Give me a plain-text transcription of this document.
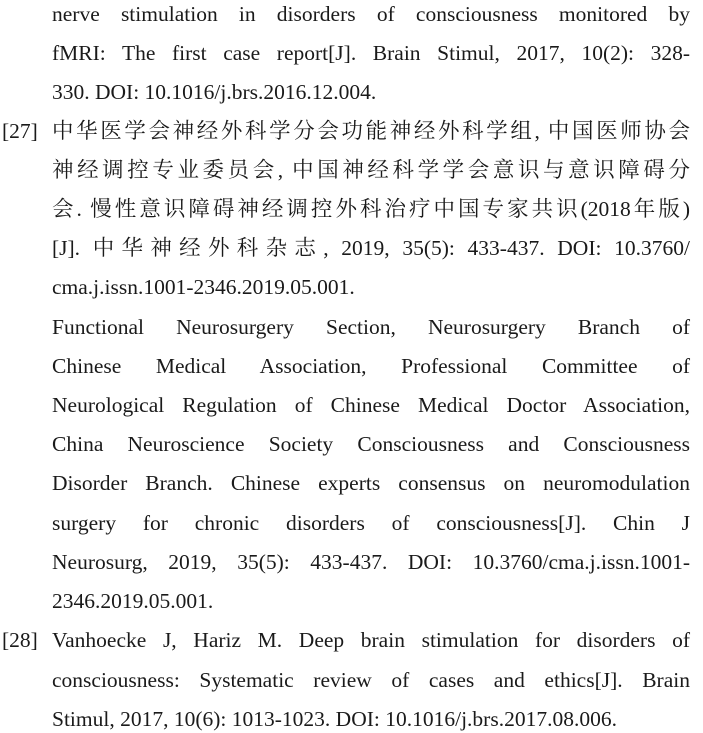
nerve stimulation in disorders of consciousness monitored by
fMRI: The first case report[J]. Brain Stimul, 2017, 10(2): 328-
330. DOI: 10.1016/j.brs.2016.12.004.
[27] 中华医学会神经外科学分会功能神经外科学组, 中国医师协会
神经调控专业委员会, 中国神经科学学会意识与意识障碍分
会. 慢性意识障碍神经调控外科治疗中国专家共识(2018年版)
[J]. 中华神经外科杂志, 2019, 35(5): 433-437. DOI: 10.3760/
cma.j.issn.1001-2346.2019.05.001.
Functional Neurosurgery Section, Neurosurgery Branch of
Chinese Medical Association, Professional Committee of
Neurological Regulation of Chinese Medical Doctor Association,
China Neuroscience Society Consciousness and Consciousness
Disorder Branch. Chinese experts consensus on neuromodulation
surgery for chronic disorders of consciousness[J]. Chin J
Neurosurg, 2019, 35(5): 433-437. DOI: 10.3760/cma.j.issn.1001-
2346.2019.05.001.
[28] Vanhoecke J, Hariz M. Deep brain stimulation for disorders of
consciousness: Systematic review of cases and ethics[J]. Brain
Stimul, 2017, 10(6): 1013-1023. DOI: 10.1016/j.brs.2017.08.006.
